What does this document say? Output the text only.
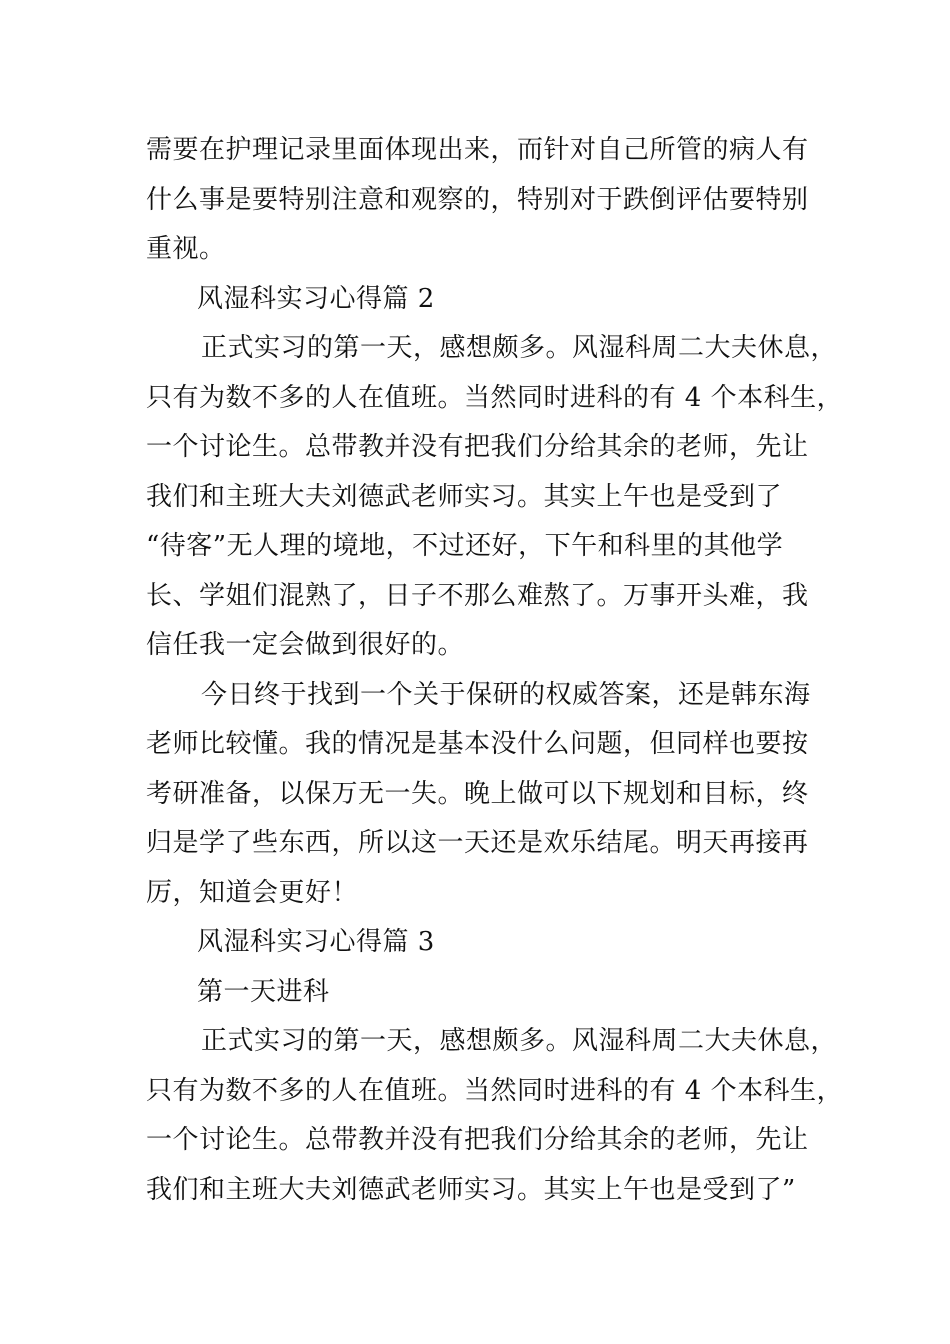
需要在护理记录里面体现出来，而针对自己所管的病人有
什么事是要特别注意和观察的，特别对于跌倒评估要特别
重视。
风湿科实习心得篇 2
正式实习的第一天，感想颇多。风湿科周二大夫休息，
只有为数不多的人在值班。当然同时进科的有 4 个本科生，
一个讨论生。总带教并没有把我们分给其余的老师，先让
我们和主班大夫刘德武老师实习。其实上午也是受到了
“待客”无人理的境地，不过还好，下午和科里的其他学
长、学姐们混熟了，日子不那么难熬了。万事开头难，我
信任我一定会做到很好的。
今日终于找到一个关于保研的权威答案，还是韩东海
老师比较懂。我的情况是基本没什么问题，但同样也要按
考研准备，以保万无一失。晚上做可以下规划和目标，终
归是学了些东西，所以这一天还是欢乐结尾。明天再接再
厉，知道会更好！
风湿科实习心得篇 3
第一天进科
正式实习的第一天，感想颇多。风湿科周二大夫休息，
只有为数不多的人在值班。当然同时进科的有 4 个本科生，
一个讨论生。总带教并没有把我们分给其余的老师，先让
我们和主班大夫刘德武老师实习。其实上午也是受到了”
